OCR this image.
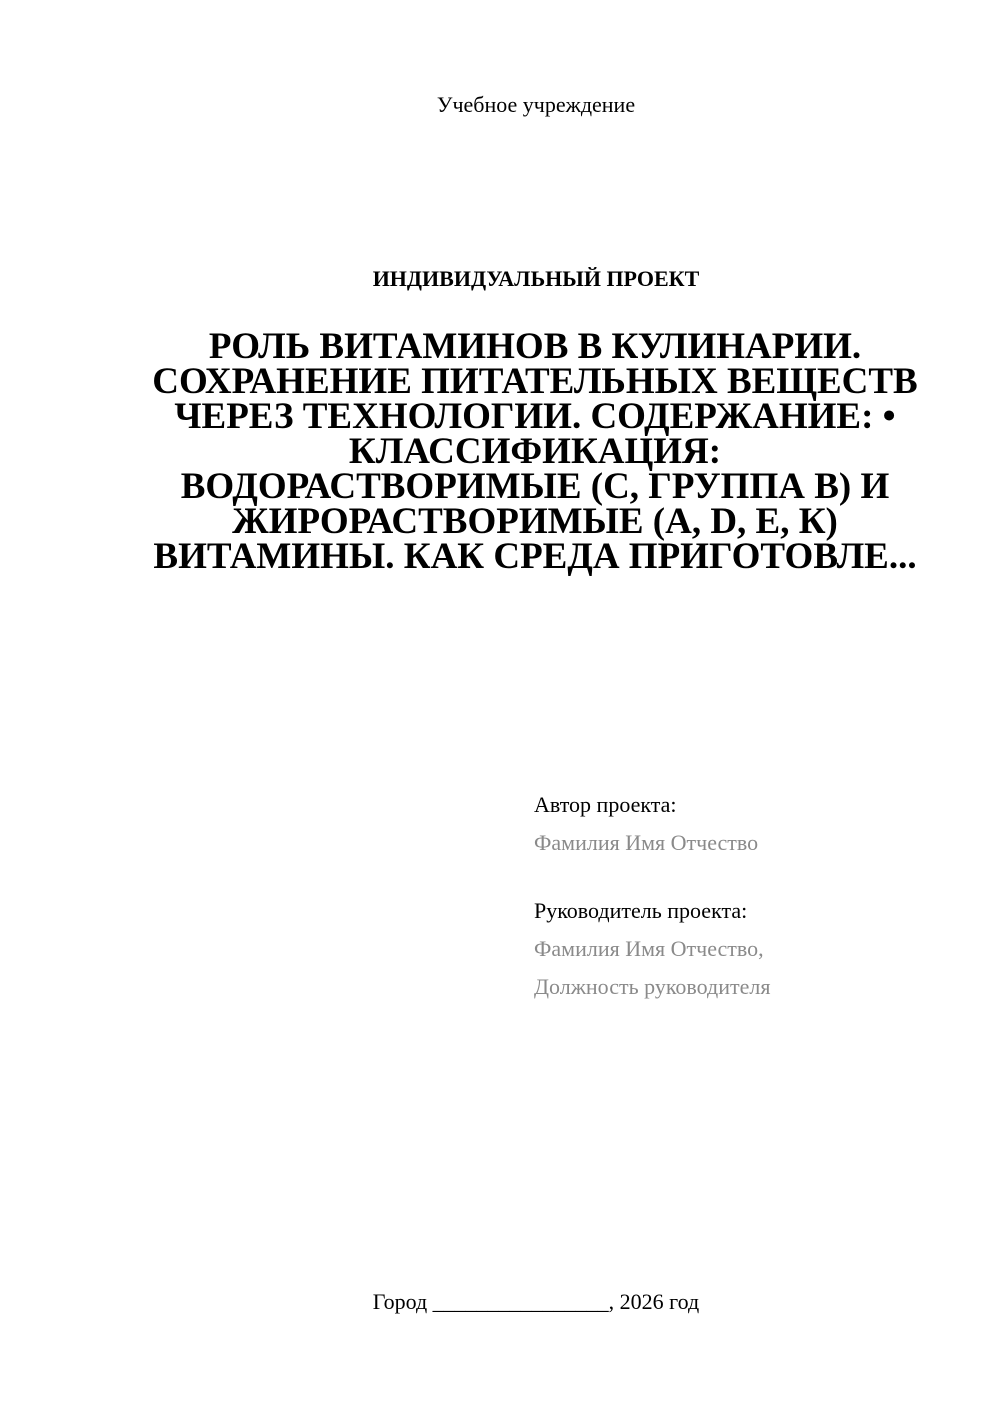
Учебное учреждение
ИНДИВИДУАЛЬНЫЙ ПРОЕКТ
РОЛЬ ВИТАМИНОВ В КУЛИНАРИИ. СОХРАНЕНИЕ ПИТАТЕЛЬНЫХ ВЕЩЕСТВ ЧЕРЕЗ ТЕХНОЛОГИИ. СОДЕРЖАНИЕ: • КЛАССИФИКАЦИЯ: ВОДОРАСТВОРИМЫЕ (С, ГРУППА В) И ЖИРОРАСТВОРИМЫЕ (А, D, Е, К) ВИТАМИНЫ. КАК СРЕДА ПРИГОТОВЛЕ...
Автор проекта:
Фамилия Имя Отчество
Руководитель проекта:
Фамилия Имя Отчество,
Должность руководителя
Город ________________, 2026 год
